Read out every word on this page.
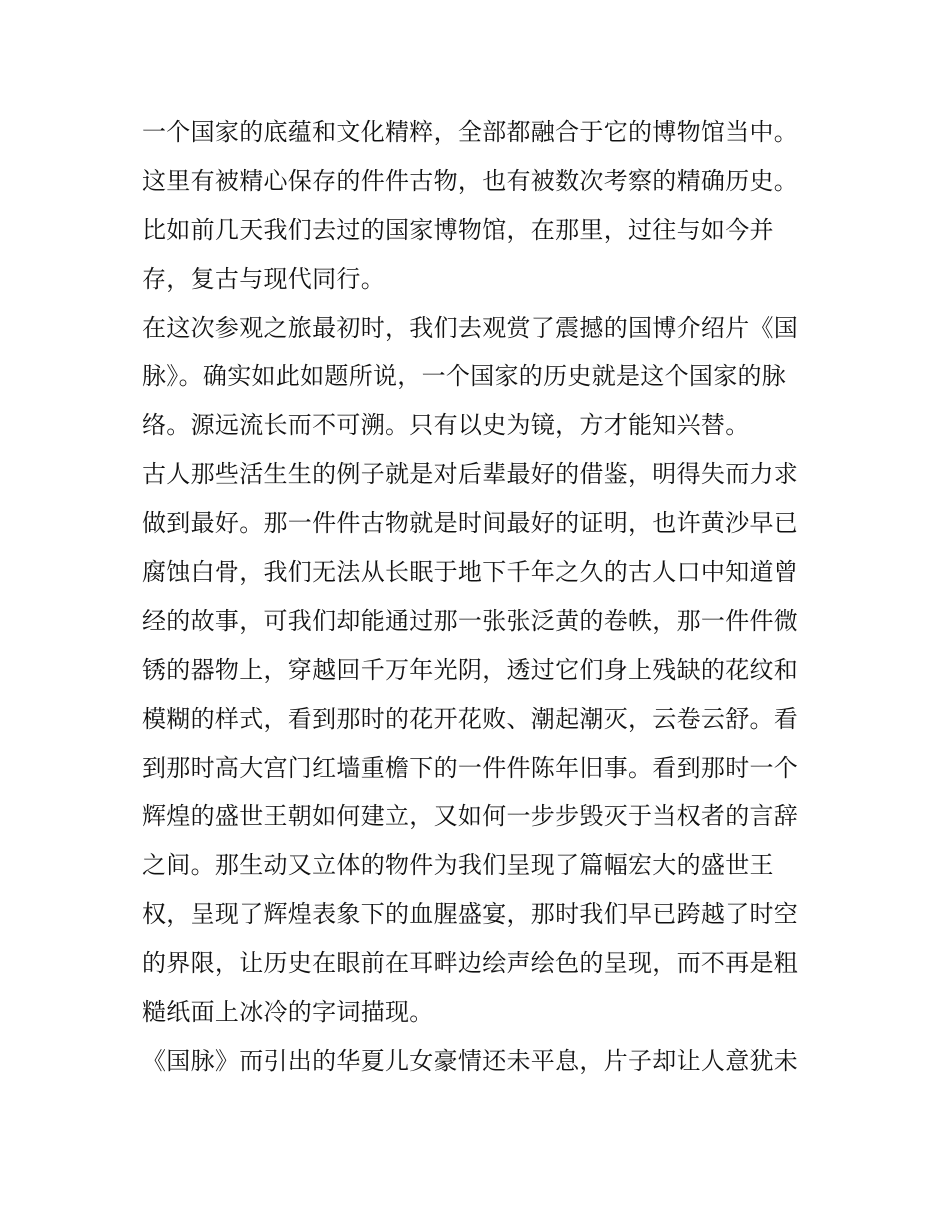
一个国家的底蕴和文化精粹，全部都融合于它的博物馆当中。
这里有被精心保存的件件古物，也有被数次考察的精确历史。
比如前几天我们去过的国家博物馆，在那里，过往与如今并
存，复古与现代同行。
在这次参观之旅最初时，我们去观赏了震撼的国博介绍片《国
脉》。确实如此如题所说，一个国家的历史就是这个国家的脉
络。源远流长而不可溯。只有以史为镜，方才能知兴替。
古人那些活生生的例子就是对后辈最好的借鉴，明得失而力求
做到最好。那一件件古物就是时间最好的证明，也许黄沙早已
腐蚀白骨，我们无法从长眠于地下千年之久的古人口中知道曾
经的故事，可我们却能通过那一张张泛黄的卷帙，那一件件微
锈的器物上，穿越回千万年光阴，透过它们身上残缺的花纹和
模糊的样式，看到那时的花开花败、潮起潮灭，云卷云舒。看
到那时高大宫门红墙重檐下的一件件陈年旧事。看到那时一个
辉煌的盛世王朝如何建立，又如何一步步毁灭于当权者的言辞
之间。那生动又立体的物件为我们呈现了篇幅宏大的盛世王
权，呈现了辉煌表象下的血腥盛宴，那时我们早已跨越了时空
的界限，让历史在眼前在耳畔边绘声绘色的呈现，而不再是粗
糙纸面上冰冷的字词描现。
《国脉》而引出的华夏儿女豪情还未平息，片子却让人意犹未
